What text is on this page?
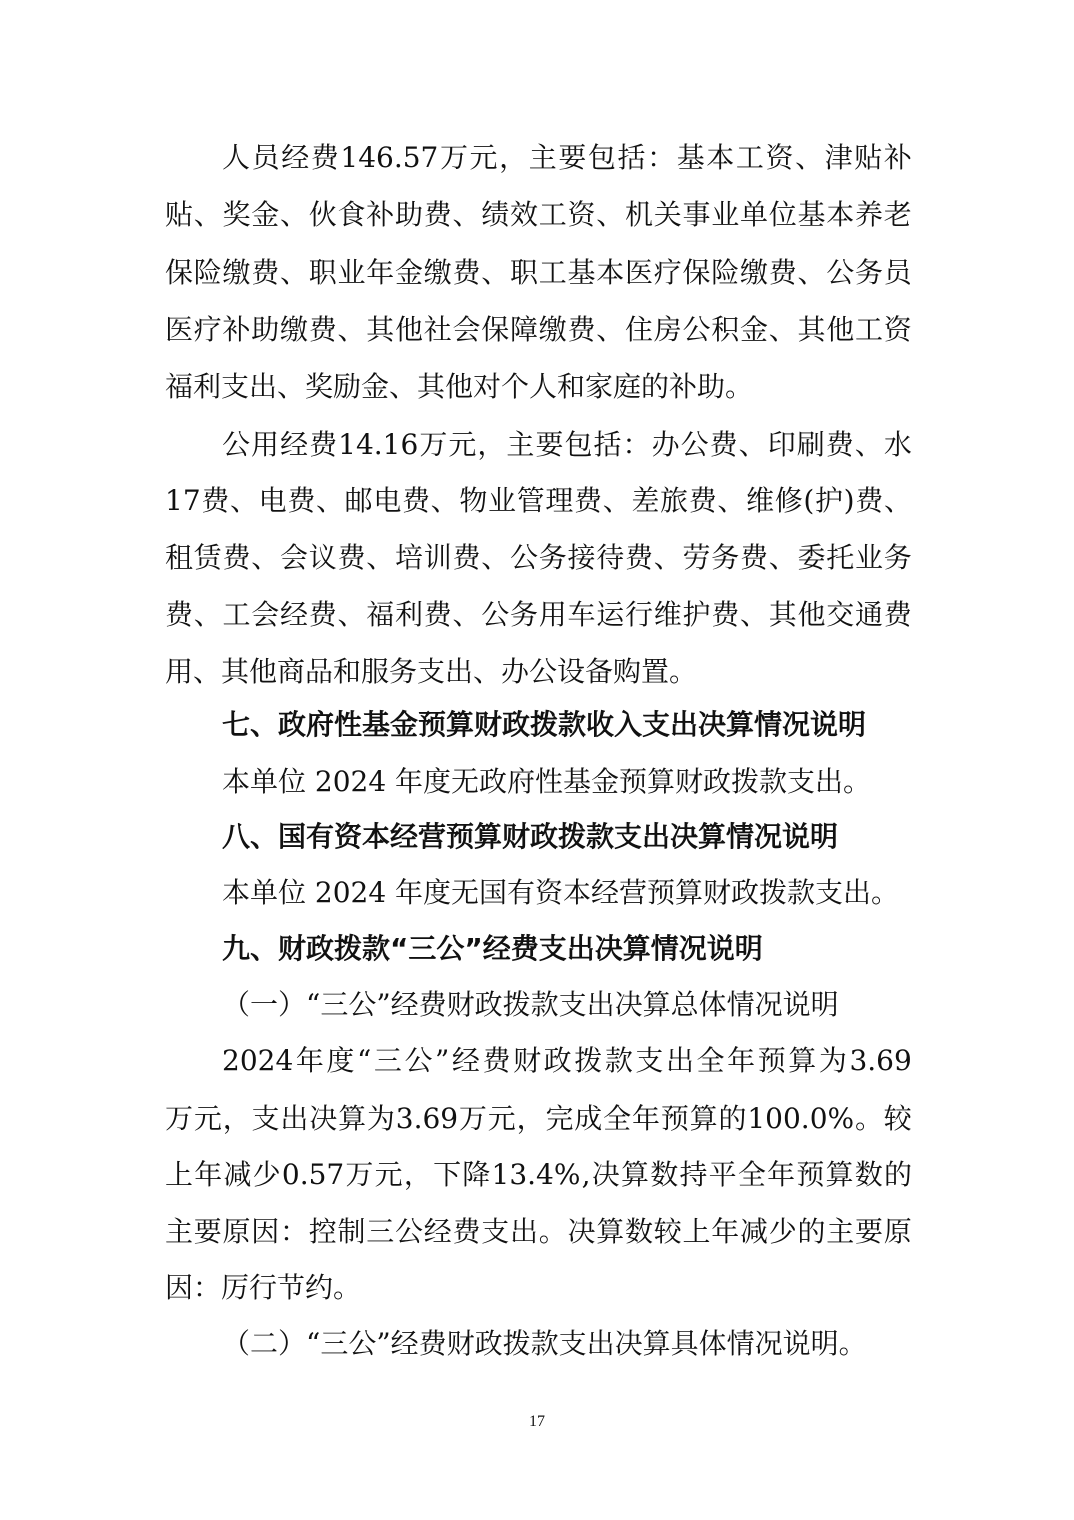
人 员 经 费 146.57 万 元 ， 主 要 包 括 ： 基 本 工 资 、 津 贴 补
贴 、 奖 金 、 伙 食 补 助 费 、 绩 效 工 资 、 机 关 事 业 单 位 基 本 养 老
保 险 缴 费 、 职 业 年 金 缴 费 、 职 工 基 本 医 疗 保 险 缴 费 、 公 务 员
医 疗 补 助 缴 费 、 其 他 社 会 保 障 缴 费 、 住 房 公 积 金 、 其 他 工 资
福利支出、奖励金、其他对个人和家庭的补助。
公 用 经 费 14.16 万 元 ， 主 要 包 括 ： 办 公 费 、 印 刷 费 、 水
17 费 、 电 费 、 邮 电 费 、 物 业 管 理 费 、 差 旅 费 、 维 修 ( 护 ) 费 、
租 赁 费 、 会 议 费 、 培 训 费 、 公 务 接 待 费 、 劳 务 费 、 委 托 业 务
费 、 工 会 经 费 、 福 利 费 、 公 务 用 车 运 行 维 护 费 、 其 他 交 通 费
用、其他商品和服务支出、办公设备购置。
七、政府性基金预算财政拨款收入支出决算情况说明
本单位 2024 年度无政府性基金预算财政拨款支出。
八、国有资本经营预算财政拨款支出决算情况说明
本单位 2024 年度无国有资本经营预算财政拨款支出。
九、财政拨款“三公”经费支出决算情况说明
（一）“三公”经费财政拨款支出决算总体情况说明
2024 年 度 “ 三 公 ” 经 费 财 政 拨 款 支 出 全 年 预 算 为 3.69
万 元 ， 支 出 决 算 为 3.69 万 元 ， 完 成 全 年 预 算 的 100.0% 。 较
上 年 减 少 0.57 万 元 ， 下 降 13.4% , 决 算 数 持 平 全 年 预 算 数 的
主 要 原 因 ： 控 制 三 公 经 费 支 出 。 决 算 数 较 上 年 减 少 的 主 要 原
因：厉行节约。
（二）“三公”经费财政拨款支出决算具体情况说明。
17
